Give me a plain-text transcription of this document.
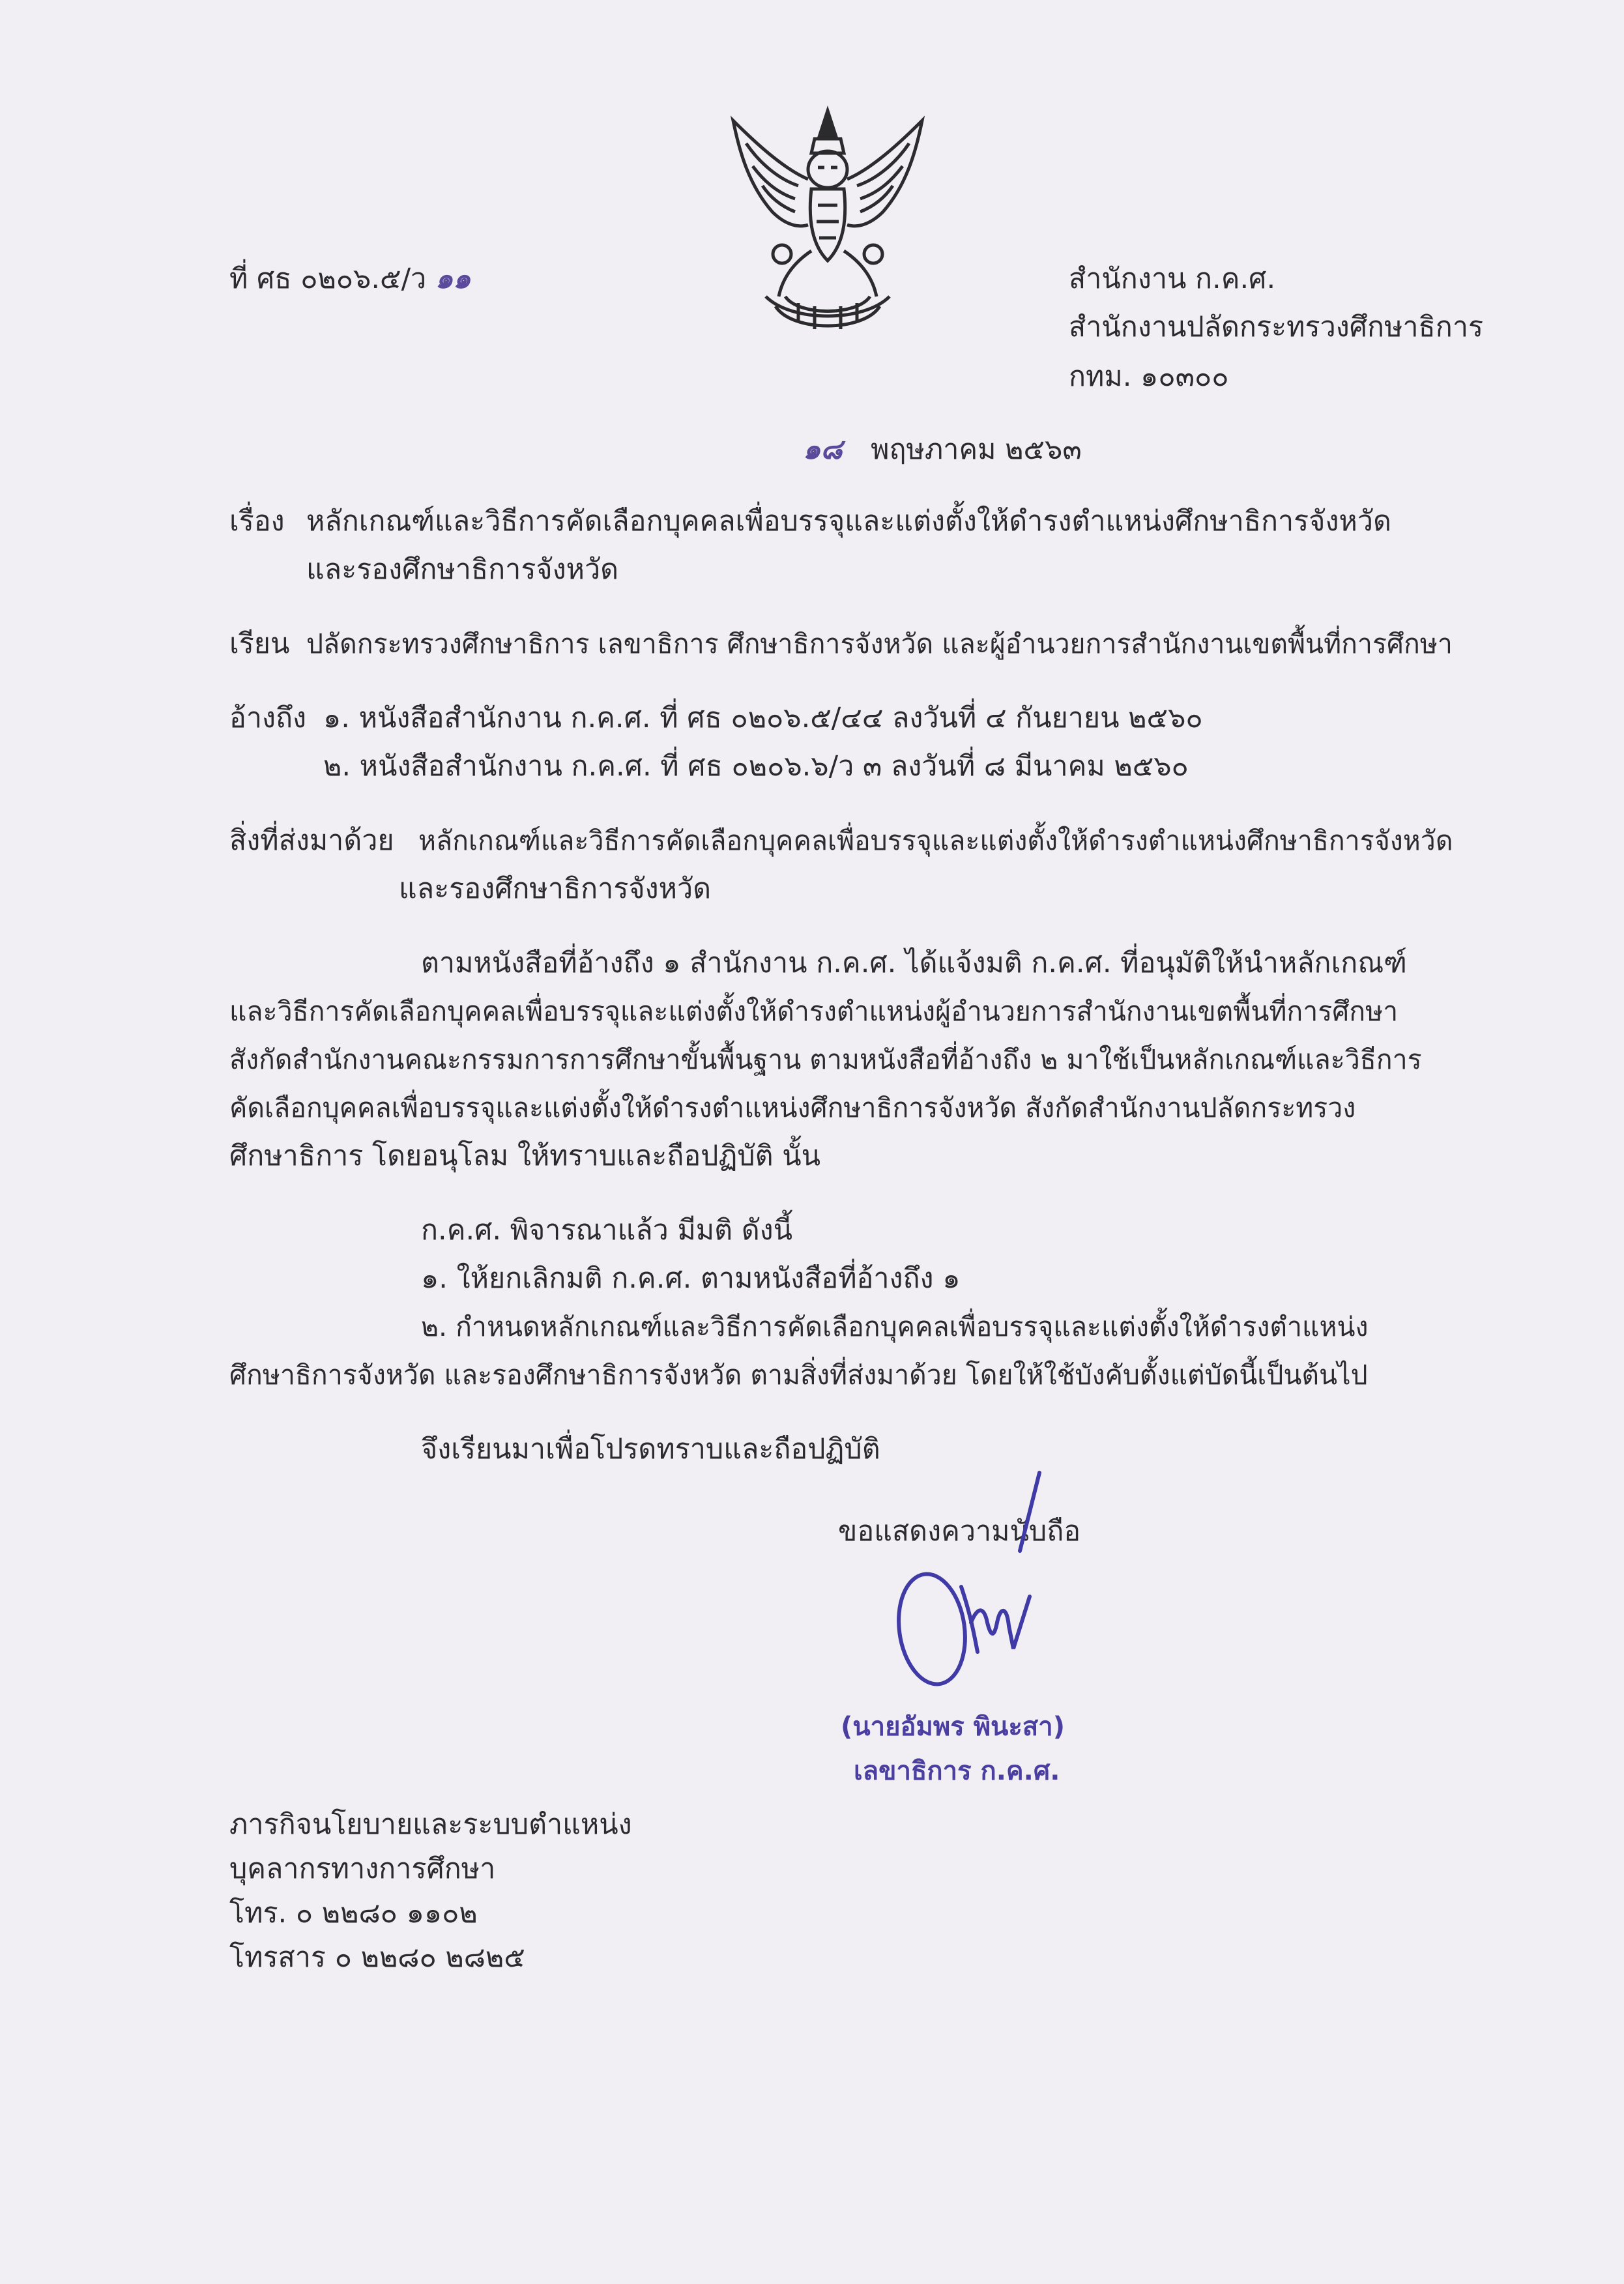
ที่ ศธ ๐๒๐๖.๕/ว ๑๑	สำนักงาน ก.ค.ศ.
สำนักงานปลัดกระทรวงศึกษาธิการ
กทม. ๑๐๓๐๐
๑๘ พฤษภาคม ๒๕๖๓
เรื่อง หลักเกณฑ์และวิธีการคัดเลือกบุคคลเพื่อบรรจุและแต่งตั้งให้ดำรงตำแหน่งศึกษาธิการจังหวัด
และรองศึกษาธิการจังหวัด
เรียน ปลัดกระทรวงศึกษาธิการ เลขาธิการ ศึกษาธิการจังหวัด และผู้อำนวยการสำนักงานเขตพื้นที่การศึกษา
อ้างถึง ๑. หนังสือสำนักงาน ก.ค.ศ. ที่ ศธ ๐๒๐๖.๕/๔๔ ลงวันที่ ๔ กันยายน ๒๕๖๐
๒. หนังสือสำนักงาน ก.ค.ศ. ที่ ศธ ๐๒๐๖.๖/ว ๓ ลงวันที่ ๘ มีนาคม ๒๕๖๐
สิ่งที่ส่งมาด้วย หลักเกณฑ์และวิธีการคัดเลือกบุคคลเพื่อบรรจุและแต่งตั้งให้ดำรงตำแหน่งศึกษาธิการจังหวัด
และรองศึกษาธิการจังหวัด
ตามหนังสือที่อ้างถึง ๑ สำนักงาน ก.ค.ศ. ได้แจ้งมติ ก.ค.ศ. ที่อนุมัติให้นำหลักเกณฑ์
และวิธีการคัดเลือกบุคคลเพื่อบรรจุและแต่งตั้งให้ดำรงตำแหน่งผู้อำนวยการสำนักงานเขตพื้นที่การศึกษา
สังกัดสำนักงานคณะกรรมการการศึกษาขั้นพื้นฐาน ตามหนังสือที่อ้างถึง ๒ มาใช้เป็นหลักเกณฑ์และวิธีการ
คัดเลือกบุคคลเพื่อบรรจุและแต่งตั้งให้ดำรงตำแหน่งศึกษาธิการจังหวัด สังกัดสำนักงานปลัดกระทรวง
ศึกษาธิการ โดยอนุโลม ให้ทราบและถือปฏิบัติ นั้น
ก.ค.ศ. พิจารณาแล้ว มีมติ ดังนี้
๑. ให้ยกเลิกมติ ก.ค.ศ. ตามหนังสือที่อ้างถึง ๑
๒. กำหนดหลักเกณฑ์และวิธีการคัดเลือกบุคคลเพื่อบรรจุและแต่งตั้งให้ดำรงตำแหน่ง
ศึกษาธิการจังหวัด และรองศึกษาธิการจังหวัด ตามสิ่งที่ส่งมาด้วย โดยให้ใช้บังคับตั้งแต่บัดนี้เป็นต้นไป
จึงเรียนมาเพื่อโปรดทราบและถือปฏิบัติ
ขอแสดงความนับถือ
(นายอัมพร พินะสา)
เลขาธิการ ก.ค.ศ.
ภารกิจนโยบายและระบบตำแหน่ง
บุคลากรทางการศึกษา
โทร. ๐ ๒๒๘๐ ๑๑๐๒
โทรสาร ๐ ๒๒๘๐ ๒๘๒๕
